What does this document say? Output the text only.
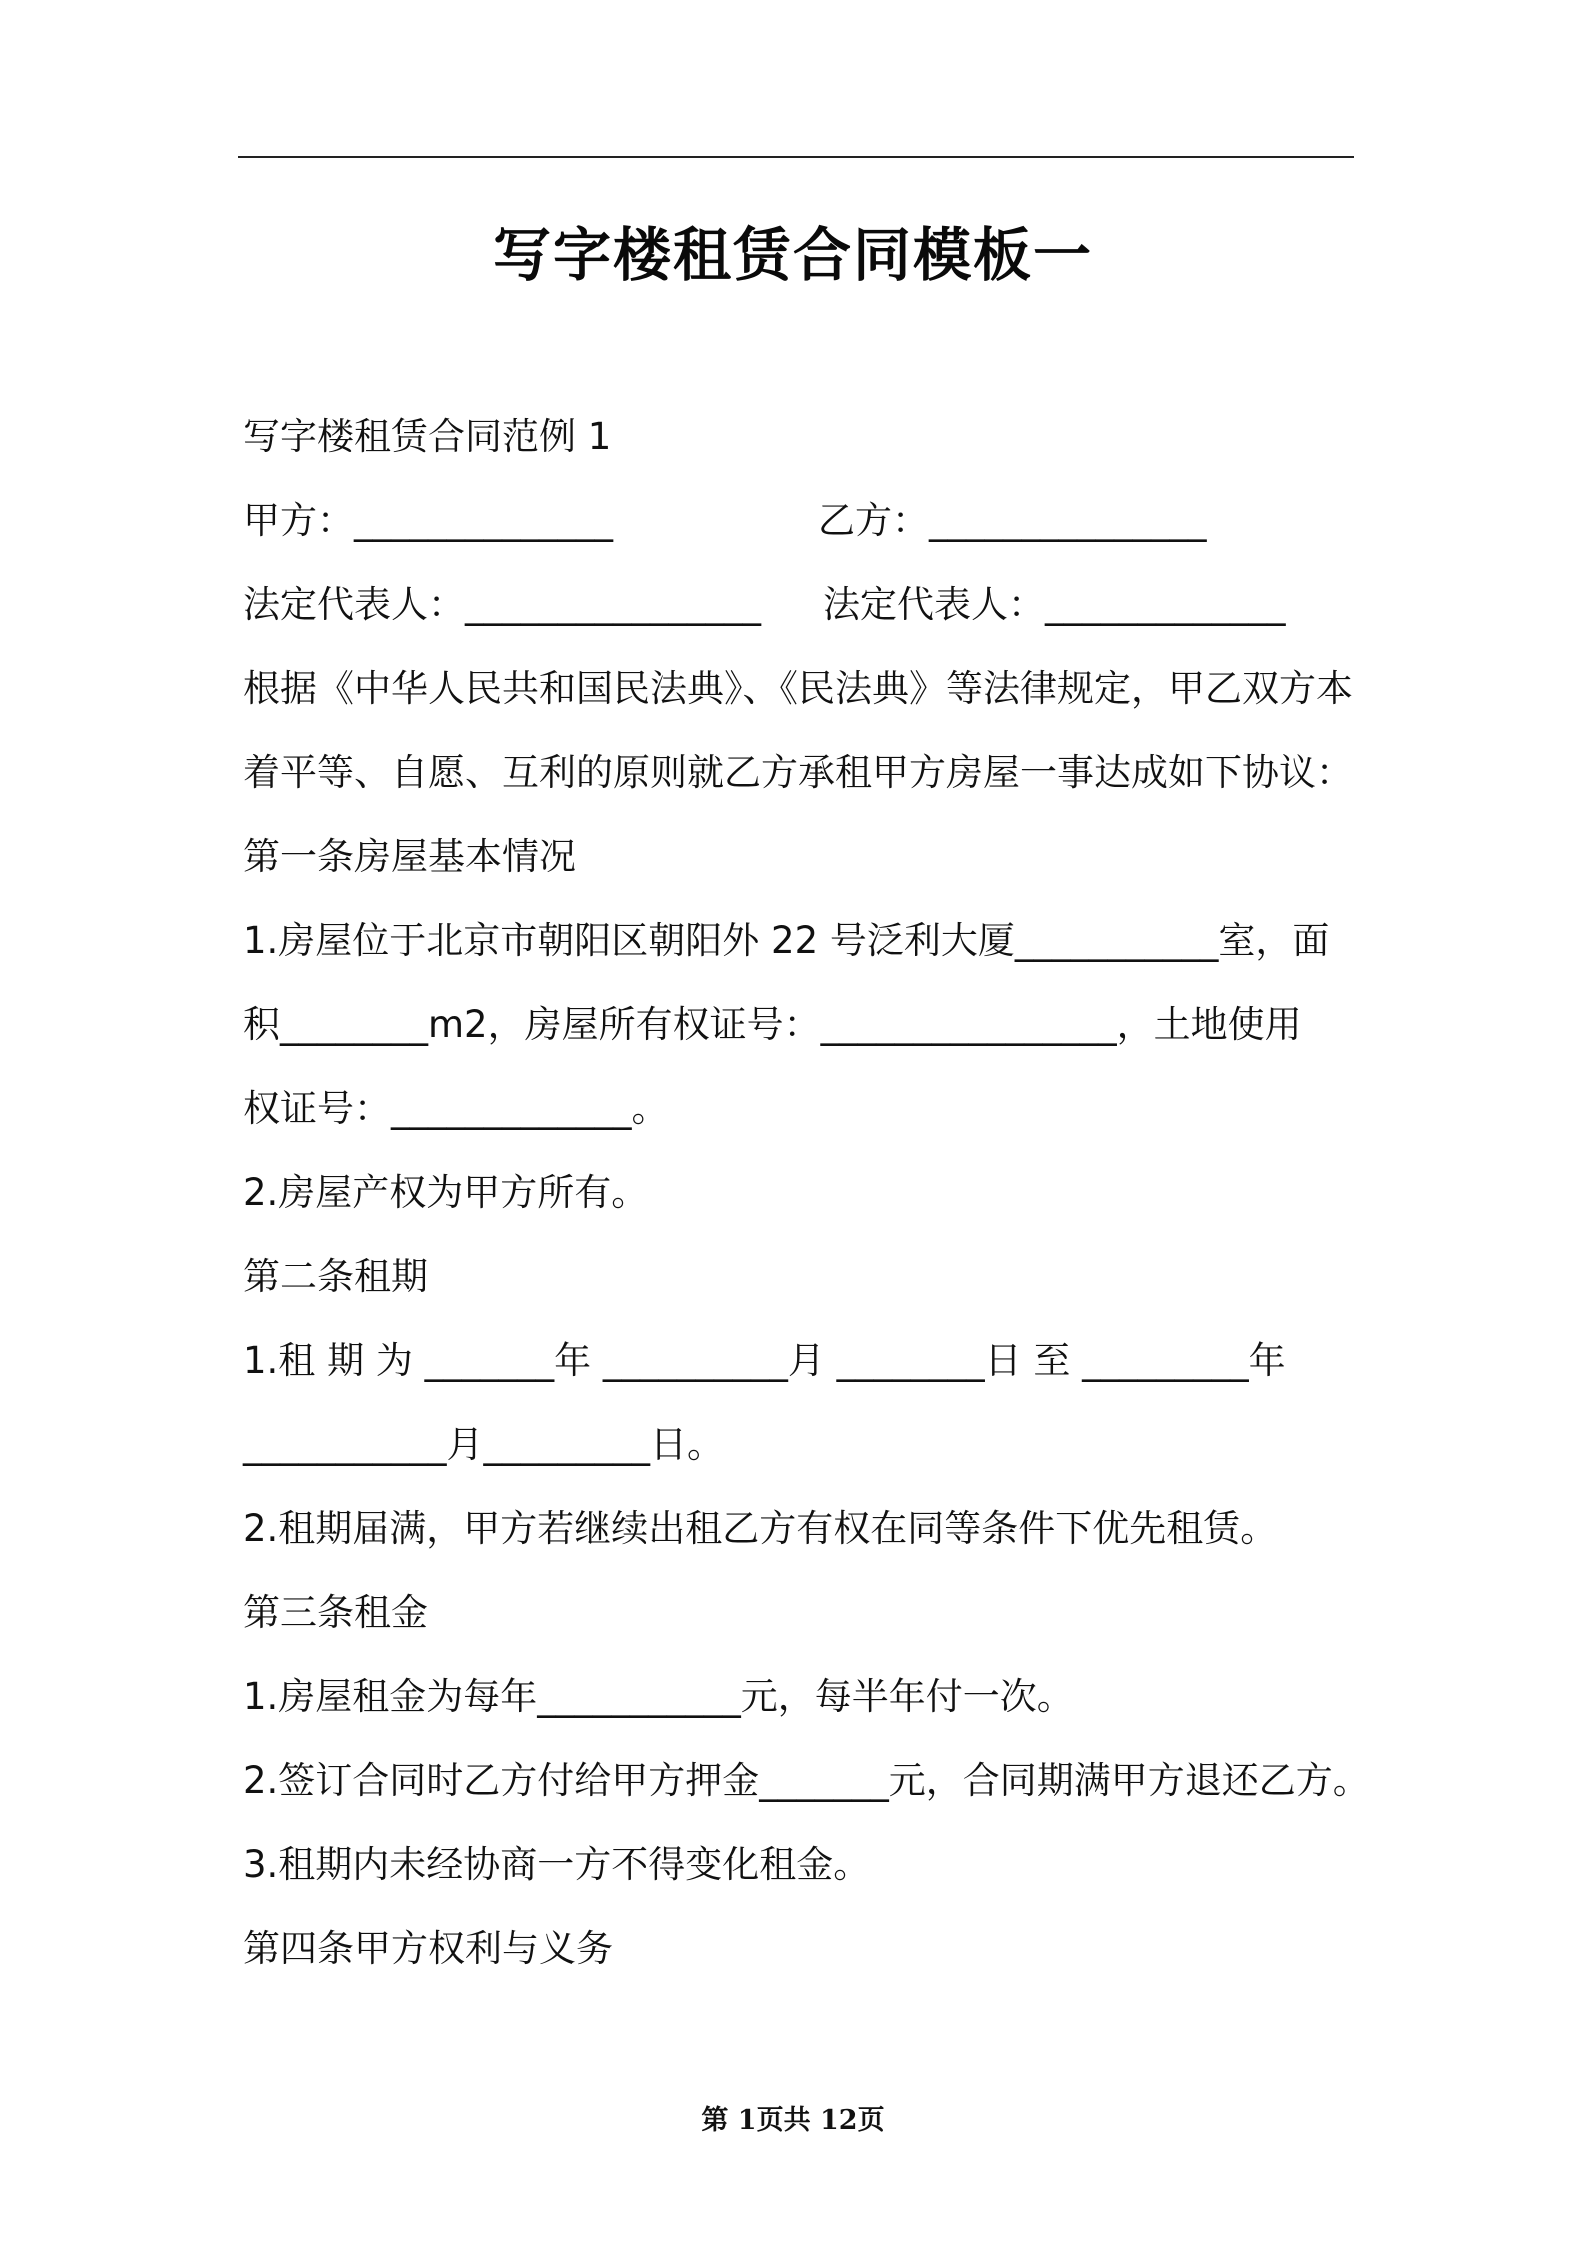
写字楼租赁合同模板一
写字楼租赁合同范例 1
甲方：______________	乙方：_______________
法定代表人：________________ 法定代表人：_____________
根据《中华人民共和国民法典》、《民法典》等法律规定，甲乙双方本
着平等、自愿、互利的原则就乙方承租甲方房屋一事达成如下协议：
第一条房屋基本情况
1.房屋位于北京市朝阳区朝阳外 22 号泛利大厦___________室，面
积________m2，房屋所有权证号：________________，土地使用
权证号：_____________。
2.房屋产权为甲方所有。
第二条租期
1.租 期 为 _______年 __________月 ________日 至 _________年
___________月_________日。
2.租期届满，甲方若继续出租乙方有权在同等条件下优先租赁。
第三条租金
1.房屋租金为每年___________元，每半年付一次。
2.签订合同时乙方付给甲方押金_______元，合同期满甲方退还乙方。
3.租期内未经协商一方不得变化租金。
第四条甲方权利与义务
第 1页共 12页
